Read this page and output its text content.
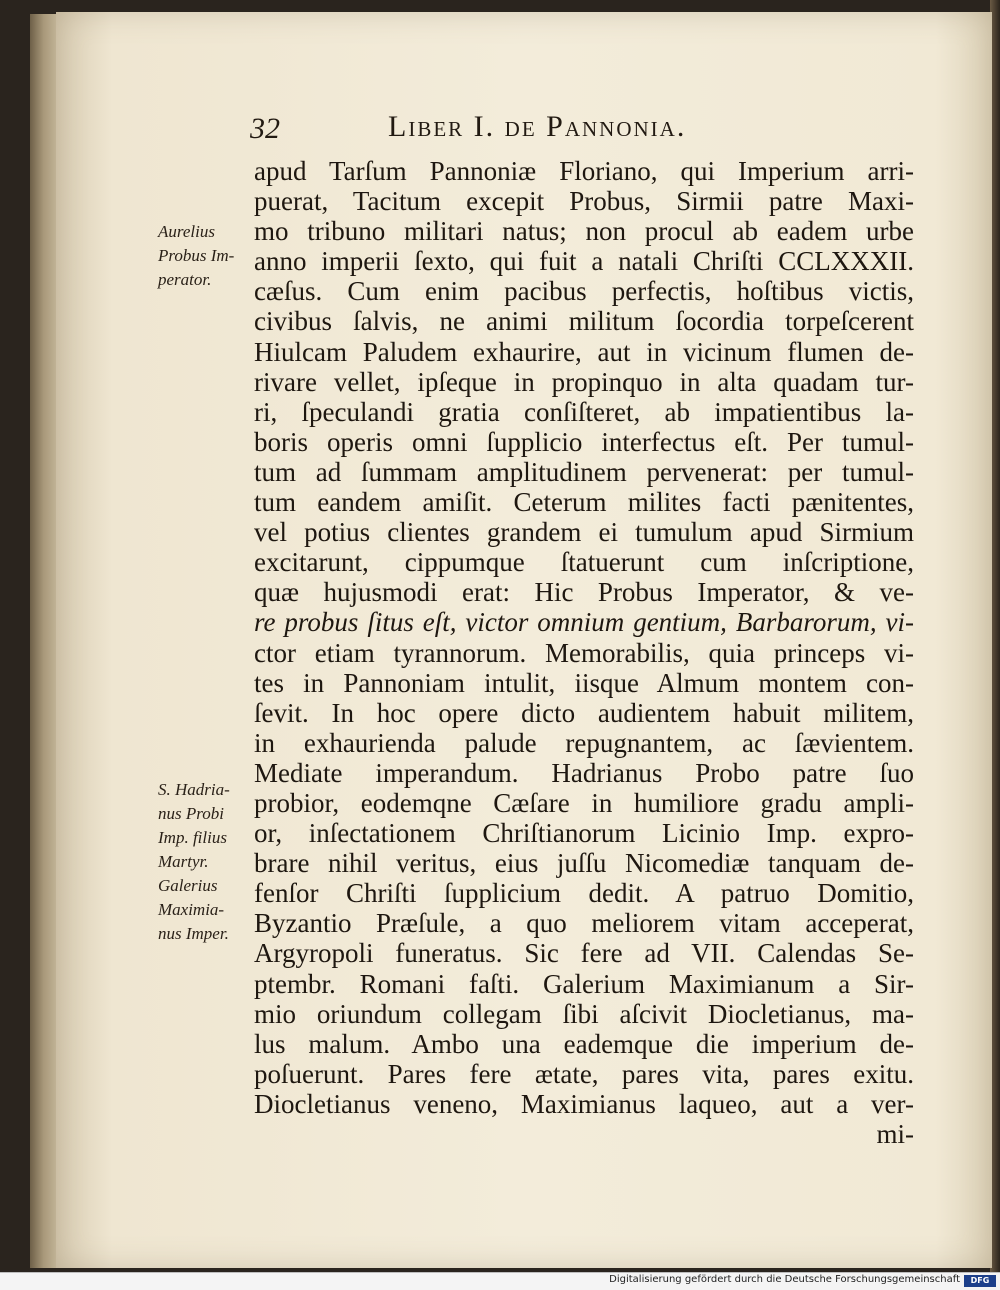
32	Liber I. de Pannonia.
Aurelius
Probus Im-
perator.
S. Hadria-
nus Probi
Imp. filius
Martyr.
Galerius
Maximia-
nus Imper.
apud Tarſum Pannoniæ Floriano, qui Imperium arri-
puerat, Tacitum excepit Probus, Sirmii patre Maxi-
mo tribuno militari natus; non procul ab eadem urbe
anno imperii ſexto, qui fuit a natali Chriſti CCLXXXII.
cæſus. Cum enim pacibus perfectis, hoſtibus victis,
civibus ſalvis, ne animi militum ſocordia torpeſcerent
Hiulcam Paludem exhaurire, aut in vicinum flumen de-
rivare vellet, ipſeque in propinquo in alta quadam tur-
ri, ſpeculandi gratia conſiſteret, ab impatientibus la-
boris operis omni ſupplicio interfectus eſt. Per tumul-
tum ad ſummam amplitudinem pervenerat: per tumul-
tum eandem amiſit. Ceterum milites facti pænitentes,
vel potius clientes grandem ei tumulum apud Sirmium
excitarunt, cippumque ſtatuerunt cum inſcriptione,
quæ hujusmodi erat: Hic Probus Imperator, & ve-
re probus ſitus eſt, victor omnium gentium, Barbarorum, vi-
ctor etiam tyrannorum. Memorabilis, quia princeps vi-
tes in Pannoniam intulit, iisque Almum montem con-
ſevit. In hoc opere dicto audientem habuit militem,
in exhaurienda palude repugnantem, ac ſævientem.
Mediate imperandum. Hadrianus Probo patre ſuo
probior, eodemqne Cæſare in humiliore gradu ampli-
or, inſectationem Chriſtianorum Licinio Imp. expro-
brare nihil veritus, eius juſſu Nicomediæ tanquam de-
fenſor Chriſti ſupplicium dedit. A patruo Domitio,
Byzantio Præſule, a quo meliorem vitam acceperat,
Argyropoli funeratus. Sic fere ad VII. Calendas Se-
ptembr. Romani faſti. Galerium Maximianum a Sir-
mio oriundum collegam ſibi aſcivit Diocletianus, ma-
lus malum. Ambo una eademque die imperium de-
poſuerunt. Pares fere ætate, pares vita, pares exitu.
Diocletianus veneno, Maximianus laqueo, aut a ver-
mi-
Digitalisierung gefördert durch die Deutsche Forschungsgemeinschaft	DFG
